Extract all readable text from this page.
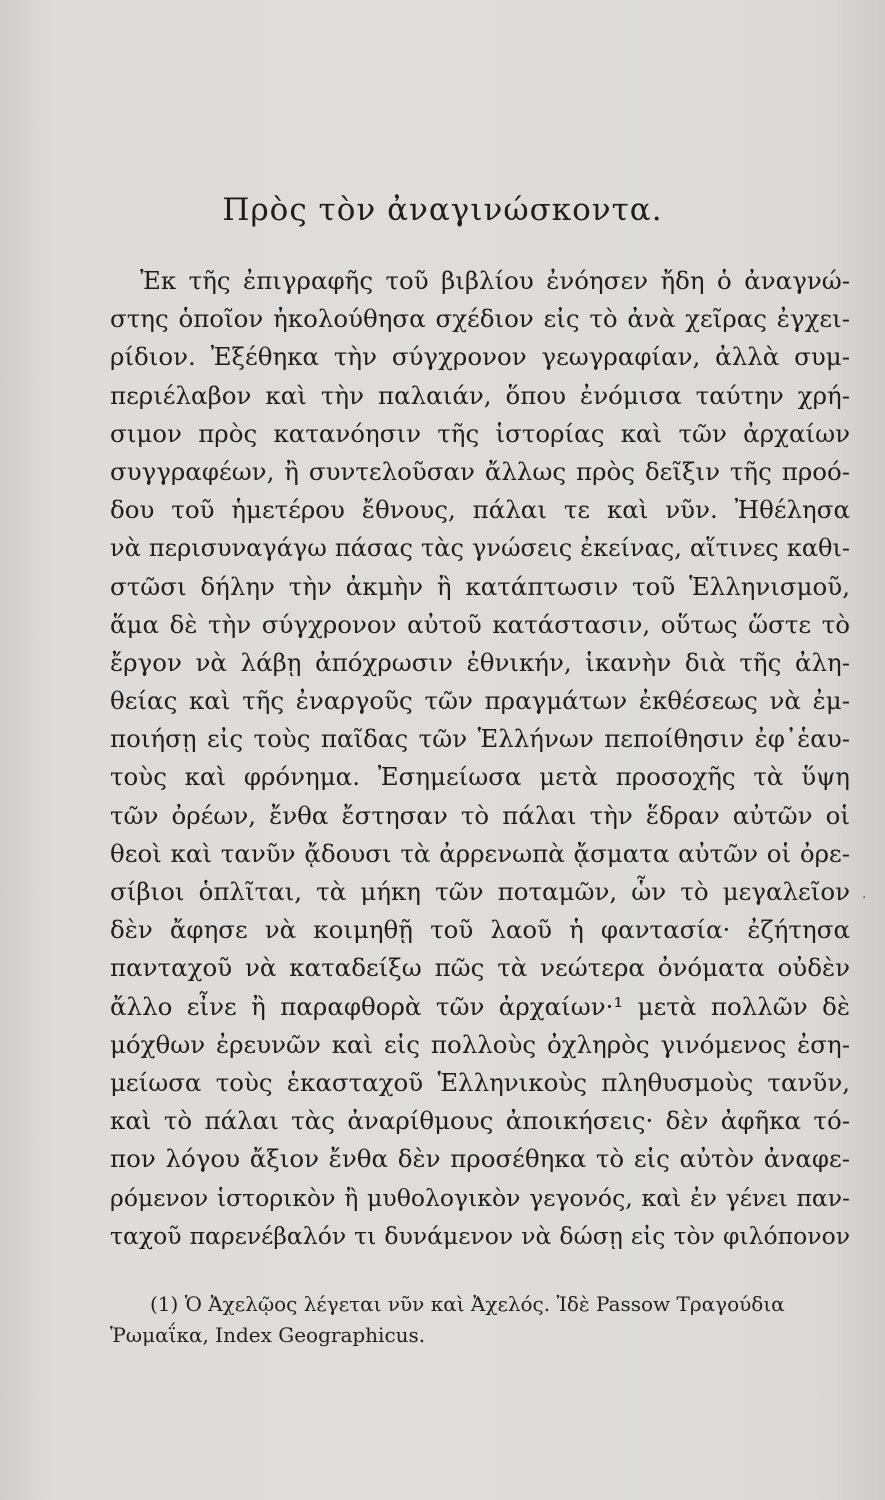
Πρὸς τὸν ἀναγινώσκοντα.
Ἐκ τῆς ἐπιγραφῆς τοῦ βιβλίου ἐνόησεν ἤδη ὁ ἀναγνώ-
στης ὁποῖον ἠκολούθησα σχέδιον εἰς τὸ ἀνὰ χεῖρας ἐγχει-
ρίδιον. Ἐξέθηκα τὴν σύγχρονον γεωγραφίαν, ἀλλὰ συμ-
περιέλαβον καὶ τὴν παλαιάν, ὅπου ἐνόμισα ταύτην χρή-
σιμον πρὸς κατανόησιν τῆς ἱστορίας καὶ τῶν ἀρχαίων
συγγραφέων, ἢ συντελοῦσαν ἄλλως πρὸς δεῖξιν τῆς προό-
δου τοῦ ἡμετέρου ἔθνους, πάλαι τε καὶ νῦν. Ἠθέλησα
νὰ περισυναγάγω πάσας τὰς γνώσεις ἐκείνας, αἵτινες καθι-
στῶσι δήλην τὴν ἀκμὴν ἢ κατάπτωσιν τοῦ Ἑλληνισμοῦ,
ἅμα δὲ τὴν σύγχρονον αὐτοῦ κατάστασιν, οὕτως ὥστε τὸ
ἔργον νὰ λάβῃ ἀπόχρωσιν ἐθνικήν, ἱκανὴν διὰ τῆς ἀλη-
θείας καὶ τῆς ἐναργοῦς τῶν πραγμάτων ἐκθέσεως νὰ ἐμ-
ποιήσῃ εἰς τοὺς παῖδας τῶν Ἑλλήνων πεποίθησιν ἐφ᾽ἑαυ-
τοὺς καὶ φρόνημα. Ἐσημείωσα μετὰ προσοχῆς τὰ ὕψη
τῶν ὀρέων, ἔνθα ἔστησαν τὸ πάλαι τὴν ἕδραν αὐτῶν οἱ
θεοὶ καὶ τανῦν ᾄδουσι τὰ ἀρρενωπὰ ᾄσματα αὐτῶν οἱ ὀρε-
σίβιοι ὁπλῖται, τὰ μήκη τῶν ποταμῶν, ὧν τὸ μεγαλεῖον
δὲν ἄφησε νὰ κοιμηθῇ τοῦ λαοῦ ἡ φαντασία· ἐζήτησα
πανταχοῦ νὰ καταδείξω πῶς τὰ νεώτερα ὀνόματα οὐδὲν
ἄλλο εἶνε ἢ παραφθορὰ τῶν ἀρχαίων·¹ μετὰ πολλῶν δὲ
μόχθων ἐρευνῶν καὶ εἰς πολλοὺς ὀχληρὸς γινόμενος ἐση-
μείωσα τοὺς ἑκασταχοῦ Ἑλληνικοὺς πληθυσμοὺς τανῦν,
καὶ τὸ πάλαι τὰς ἀναρίθμους ἀποικήσεις· δὲν ἀφῆκα τό-
πον λόγου ἄξιον ἔνθα δὲν προσέθηκα τὸ εἰς αὐτὸν ἀναφε-
ρόμενον ἱστορικὸν ἢ μυθολογικὸν γεγονός, καὶ ἐν γένει παν-
ταχοῦ παρενέβαλόν τι δυνάμενον νὰ δώσῃ εἰς τὸν φιλόπονον
(1) Ὁ Ἀχελῷος λέγεται νῦν καὶ Ἀχελός. Ἰδὲ Passow Τραγούδια
Ῥωμαΐκα, Index Geographicus.
·
